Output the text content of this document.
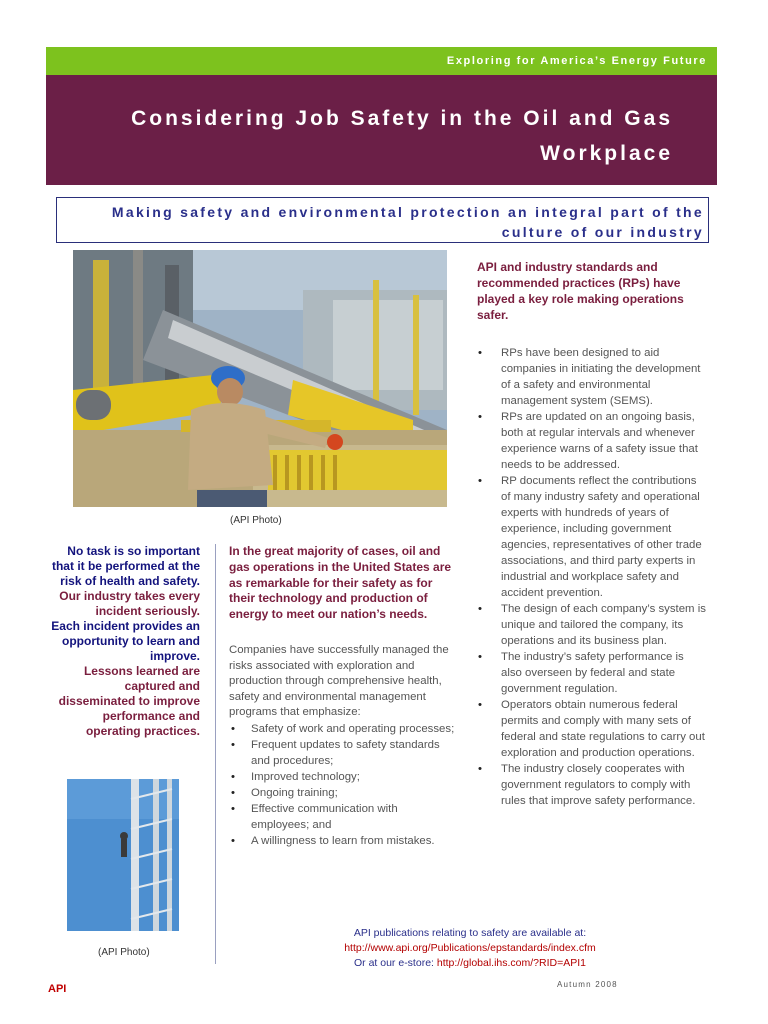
Exploring for America’s Energy Future
Considering Job Safety in the Oil and Gas Workplace
Making safety and environmental protection an integral part of the culture of our industry
(API Photo)
No task is so important that it be performed at the risk of health and safety.
Our industry takes every incident seriously.
Each incident provides an opportunity to learn and improve.
Lessons learned are captured and disseminated to improve performance and operating practices.
(API Photo)
In the great majority of cases, oil and gas operations in the United States are as remarkable for their safety as for their technology and production of energy to meet our nation’s needs.
Companies have successfully managed the risks associated with exploration and production through comprehensive health, safety and environmental management programs that emphasize:
• Safety of work and operating processes;
• Frequent updates to safety standards and procedures;
• Improved technology;
• Ongoing training;
• Effective communication with employees; and
• A willingness to learn from mistakes.
API and industry standards and recommended practices (RPs) have played a key role making operations safer.
• RPs have been designed to aid companies in initiating the development of a safety and environmental management system (SEMS).
• RPs are updated on an ongoing basis, both at regular intervals and whenever experience warns of a safety issue that needs to be addressed.
• RP documents reflect the contributions of many industry safety and operational experts with hundreds of years of experience, including government agencies, representatives of other trade associations, and third party experts in industrial and workplace safety and accident prevention.
• The design of each company’s system is unique and tailored the company, its operations and its business plan.
• The industry’s safety performance is also overseen by federal and state government regulation.
• Operators obtain numerous federal permits and comply with many sets of federal and state regulations to carry out exploration and production operations.
• The industry closely cooperates with government regulators to comply with rules that improve safety performance.
API publications relating to safety are available at:
http://www.api.org/Publications/epstandards/index.cfm
Or at our e-store: http://global.ihs.com/?RID=API1
API	Autumn 2008
